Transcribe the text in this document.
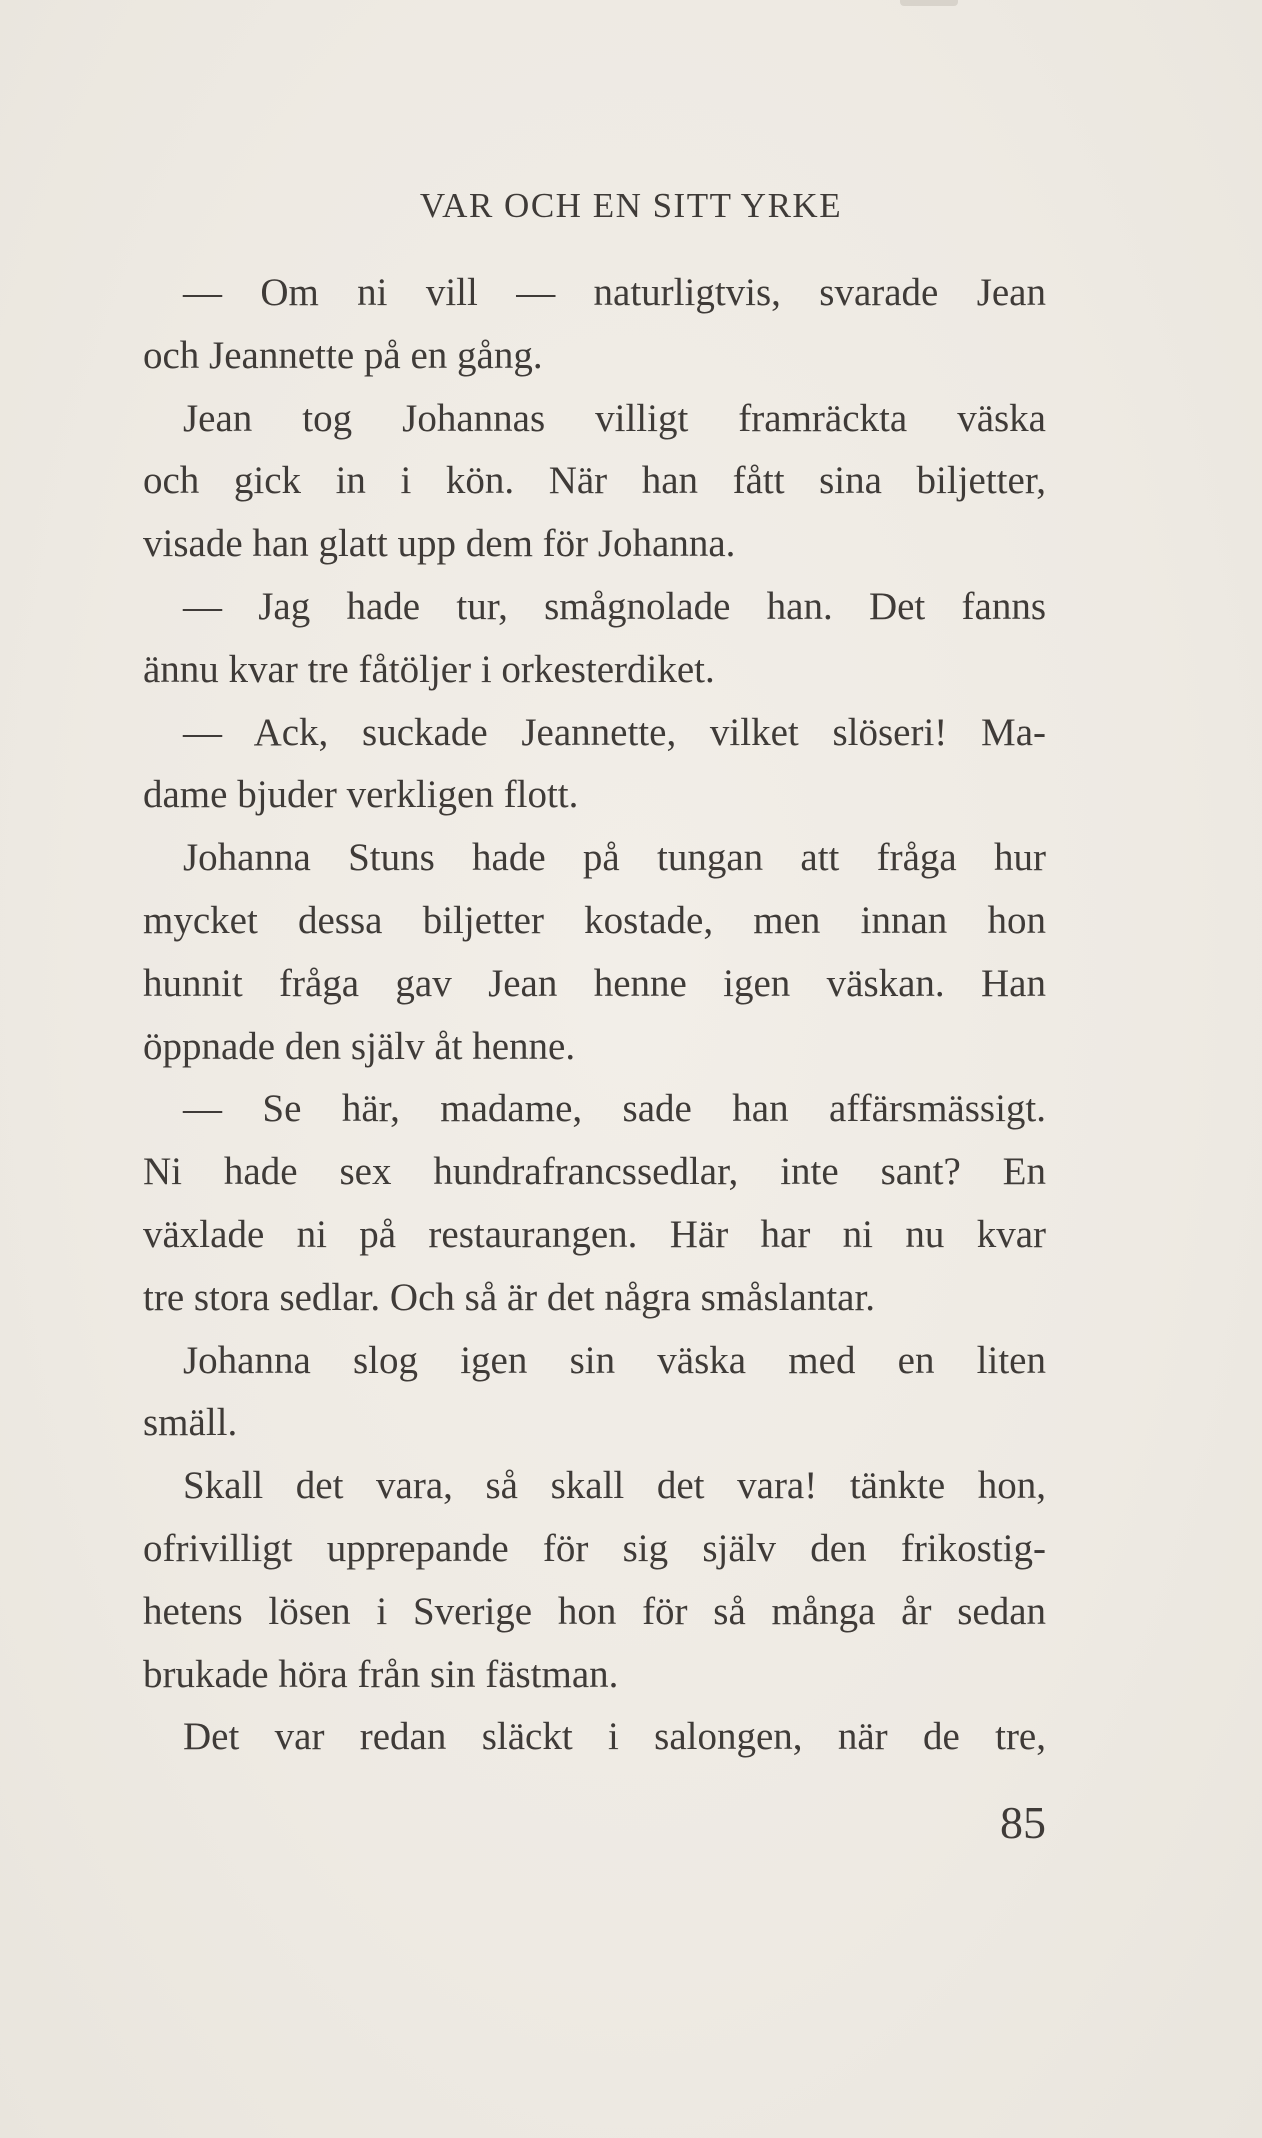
VAR OCH EN SITT YRKE
— Om ni vill — naturligtvis, svarade Jean
och Jeannette på en gång.
Jean tog Johannas villigt framräckta väska
och gick in i kön. När han fått sina biljetter,
visade han glatt upp dem för Johanna.
— Jag hade tur, smågnolade han. Det fanns
ännu kvar tre fåtöljer i orkesterdiket.
— Ack, suckade Jeannette, vilket slöseri! Ma-
dame bjuder verkligen flott.
Johanna Stuns hade på tungan att fråga hur
mycket dessa biljetter kostade, men innan hon
hunnit fråga gav Jean henne igen väskan. Han
öppnade den själv åt henne.
— Se här, madame, sade han affärsmässigt.
Ni hade sex hundrafrancssedlar, inte sant? En
växlade ni på restaurangen. Här har ni nu kvar
tre stora sedlar. Och så är det några småslantar.
Johanna slog igen sin väska med en liten
smäll.
Skall det vara, så skall det vara! tänkte hon,
ofrivilligt upprepande för sig själv den frikostig-
hetens lösen i Sverige hon för så många år sedan
brukade höra från sin fästman.
Det var redan släckt i salongen, när de tre,
85
